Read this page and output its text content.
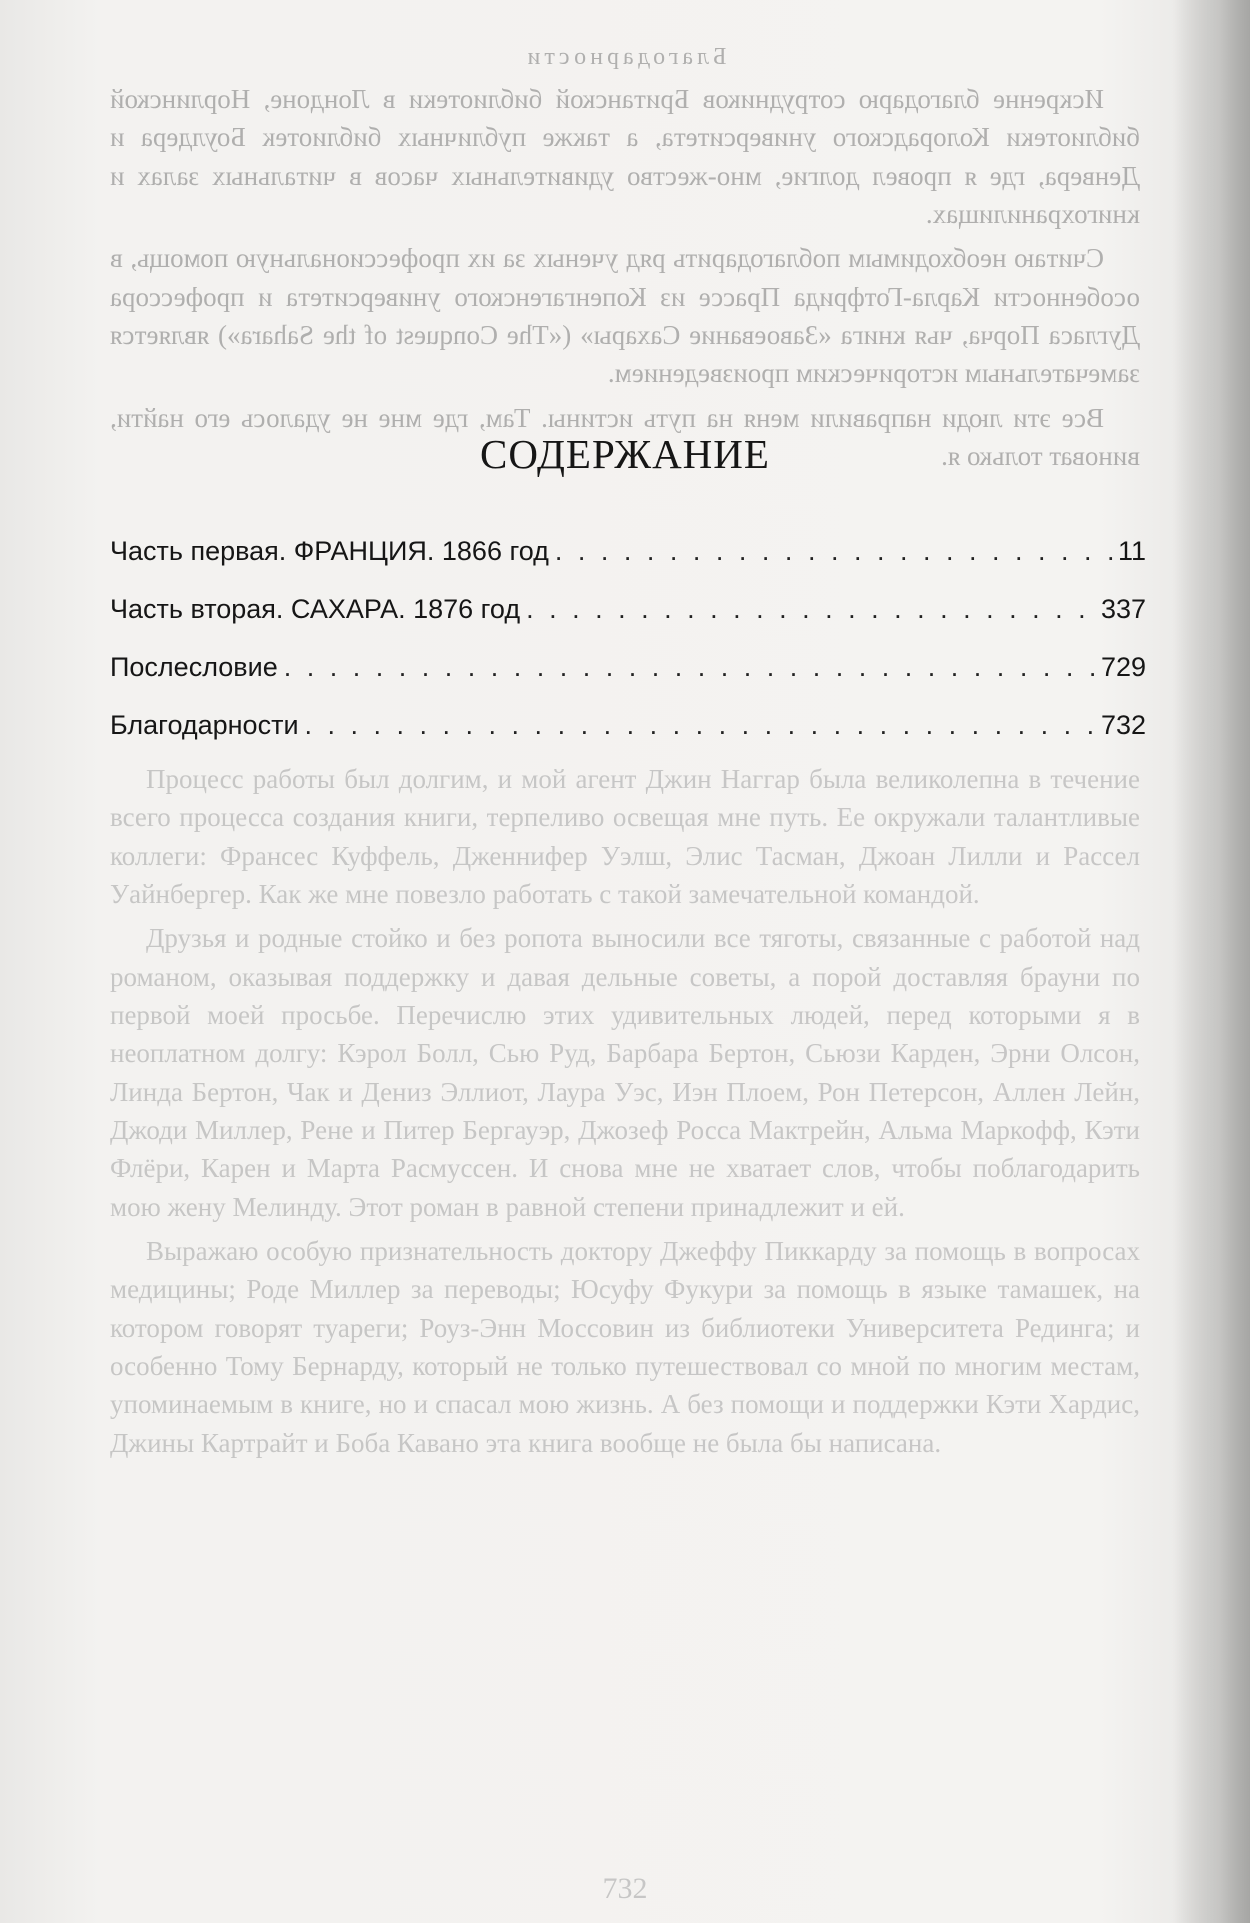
Благодарности

Искренне благодарю сотрудников Британской библиотеки в Лондоне, Норлинской библиотеки Колорадского университета, а также публичных библиотек Боулдера и Денвера, где я провел долгие, мно-жество удивительных часов в читальных залах и книгохранилищах.

Считаю необходимым поблагодарить ряд ученых за их профессиональную помощь, в особенности Карла-Готфрида Прассе из Копенгагенского университета и профессора Дугласа Порча, чья книга «Завоевание Сахары» («The Conquest of the Sahara») является замечательным историческим произведением.

Все эти люди направили меня на путь истины. Там, где мне не удалось его найти, виноват только я.

Процесс работы был долгим, и мой агент Джин Наггар была великолепна в течение всего процесса создания книги, терпеливо освещая мне путь. Ее окружали талантливые коллеги: Франсес Куффель, Дженнифер Уэлш, Элис Тасман, Джоан Лилли и Рассел Уайнбергер. Как же мне повезло работать с такой замечательной командой.

Друзья и родные стойко и без ропота выносили все тяготы, связанные с работой над романом, оказывая поддержку и давая дельные советы, а порой доставляя брауни по первой моей просьбе. Перечислю этих удивительных людей, перед которыми я в неоплатном долгу: Кэрол Болл, Сью Руд, Барбара Бертон, Сьюзи Карден, Эрни Олсон, Линда Бертон, Чак и Дениз Эллиот, Лаура Уэс, Иэн Плоем, Рон Петерсон, Аллен Лейн, Джоди Миллер, Рене и Питер Бергауэр, Джозеф Росса Мактрейн, Альма Маркофф, Кэти Флёри, Карен и Марта Расмуссен. И снова мне не хватает слов, чтобы поблагодарить мою жену Мелинду. Этот роман в равной степени принадлежит и ей.

Выражаю особую признательность доктору Джеффу Пиккарду за помощь в вопросах медицины; Роде Миллер за переводы; Юсуфу Фукури за помощь в языке тамашек, на котором говорят туареги; Роуз-Энн Моссовин из библиотеки Университета Рединга; и особенно Тому Бернарду, который не только путешествовал со мной по многим местам, упоминаемым в книге, но и спасал мою жизнь. А без помощи и поддержки Кэти Хардис, Джины Картрайт и Боба Кавано эта книга вообще не была бы написана.

732
СОДЕРЖАНИЕ
Часть первая. ФРАНЦИЯ. 1866 год . . .	11
Часть вторая. САХАРА. 1876 год . . .	337
Послесловие . . .	729
Благодарности . . .	732
